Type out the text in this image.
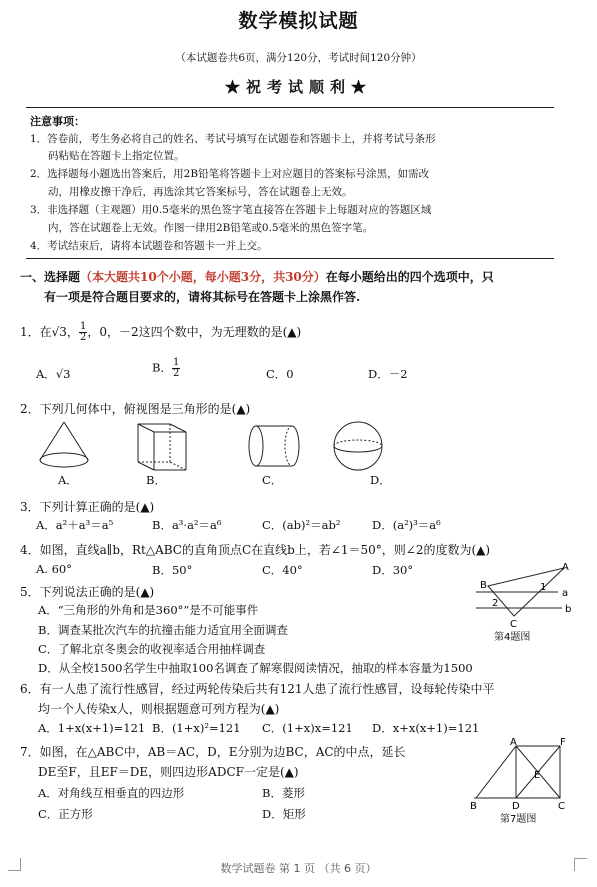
数学模拟试题
（本试题卷共6页，满分120分，考试时间120分钟）
★祝考试顺利★
注意事项：
1．答卷前，考生务必将自己的姓名、考试号填写在试题卷和答题卡上，并将考试号条形
码粘贴在答题卡上指定位置。
2．选择题每小题选出答案后，用2B铅笔将答题卡上对应题目的答案标号涂黑，如需改
动，用橡皮擦干净后，再选涂其它答案标号，答在试题卷上无效。
3．非选择题（主观题）用0.5毫米的黑色签字笔直接答在答题卡上每题对应的答题区域
内，答在试题卷上无效。作图一律用2B铅笔或0.5毫米的黑色签字笔。
4．考试结束后，请将本试题卷和答题卡一并上交。
一、选择题（本大题共10个小题，每小题3分，共30分）在每小题给出的四个选项中，只
有一项是符合题目要求的，请将其标号在答题卡上涂黑作答.
1．在√3， $\frac{1}{2}$ ，0，－2这四个数中，为无理数的是(▲)
A．√3	B． $\frac{1}{2}$	C．0	D．－2
2．下列几何体中，俯视图是三角形的是(▲)
A．	B．	C．	D．
3．下列计算正确的是(▲)
A．a²＋a³＝a⁵	B．a³·a²＝a⁶	C．(ab)²＝ab²	D．(a²)³＝a⁶
4．如图，直线a∥b，Rt△ABC的直角顶点C在直线b上，若∠1＝50°，则∠2的度数为(▲)
A. 60°	B．50°	C．40°	D．30°	A
B
C
a
b
1
2
第4题图
5．下列说法正确的是(▲)
A．“三角形的外角和是360°”是不可能事件
B．调查某批次汽车的抗撞击能力适宜用全面调查
C．了解北京冬奥会的收视率适合用抽样调查
D．从全校1500名学生中抽取100名调查了解寒假阅读情况，抽取的样本容量为1500
6．有一人患了流行性感冒，经过两轮传染后共有121人患了流行性感冒，设每轮传染中平
均一个人传染x人，则根据题意可列方程为(▲)
A．1+x(x+1)=121 B．(1+x)²=121 C．(1+x)x=121 D．x+x(x+1)=121
7．如图，在△ABC中，AB＝AC，D，E分别为边BC，AC的中点，延长
DE至F，且EF＝DE，则四边形ADCF一定是(▲)
A．对角线互相垂直的四边形	B．菱形
C．正方形	D．矩形
A	F
E
B	D	C
第7题图
数学试题卷 第 1 页 （共 6 页）
